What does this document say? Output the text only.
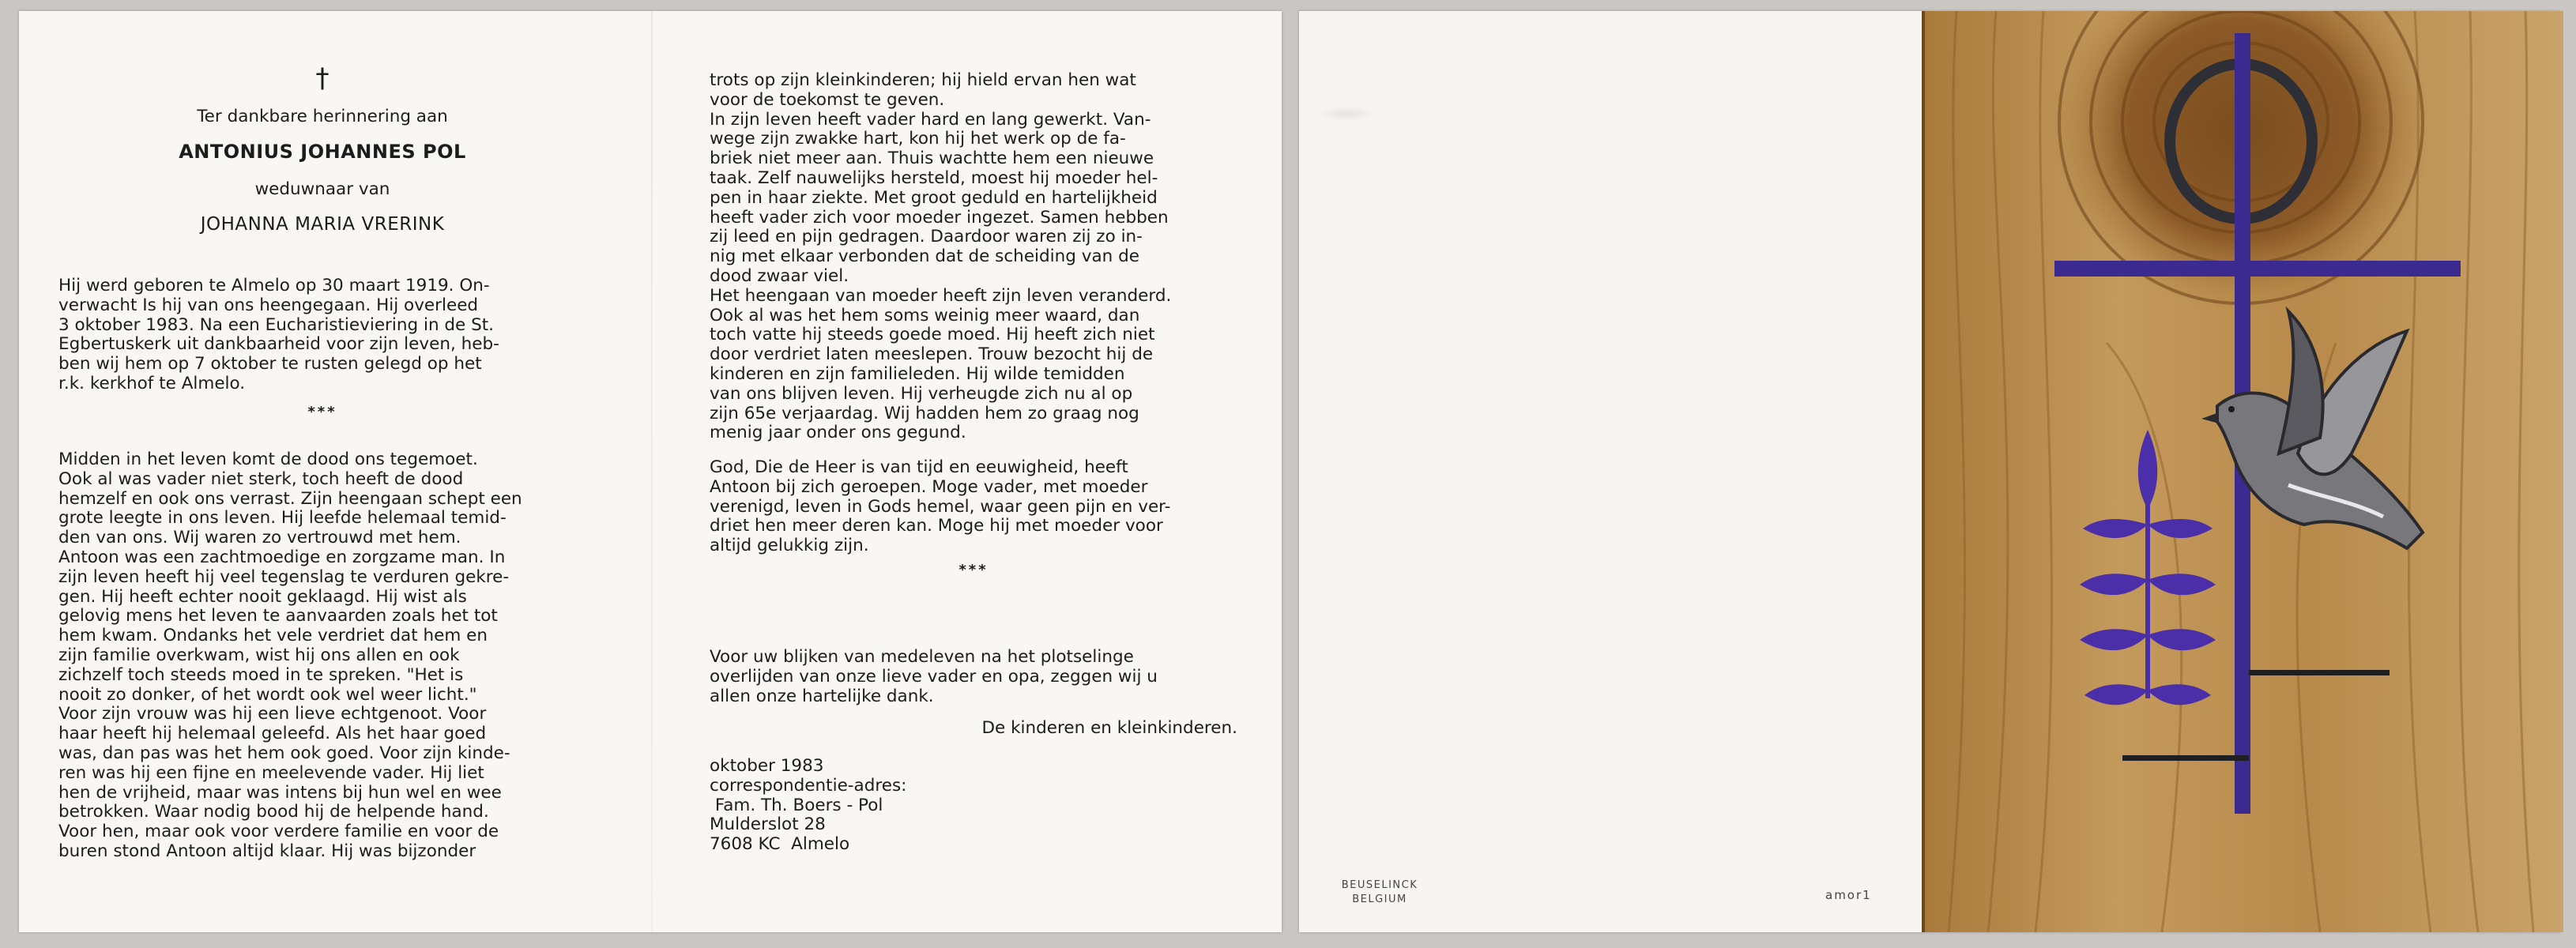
†
Ter dankbare herinnering aan
ANTONIUS JOHANNES POL
weduwnaar van
JOHANNA MARIA VRERINK

Hij werd geboren te Almelo op 30 maart 1919. On-

verwacht Is hij van ons heengegaan. Hij overleed

3 oktober 1983. Na een Eucharistieviering in de St.

Egbertuskerk uit dankbaarheid voor zijn leven, heb-

ben wij hem op 7 oktober te rusten gelegd op het

r.k. kerkhof te Almelo.

***

Midden in het leven komt de dood ons tegemoet.

Ook al was vader niet sterk, toch heeft de dood

hemzelf en ook ons verrast. Zijn heengaan schept een

grote leegte in ons leven. Hij leefde helemaal temid-

den van ons. Wij waren zo vertrouwd met hem.

Antoon was een zachtmoedige en zorgzame man. In

zijn leven heeft hij veel tegenslag te verduren gekre-

gen. Hij heeft echter nooit geklaagd. Hij wist als

gelovig mens het leven te aanvaarden zoals het tot

hem kwam. Ondanks het vele verdriet dat hem en

zijn familie overkwam, wist hij ons allen en ook

zichzelf toch steeds moed in te spreken. "Het is

nooit zo donker, of het wordt ook wel weer licht."

Voor zijn vrouw was hij een lieve echtgenoot. Voor

haar heeft hij helemaal geleefd. Als het haar goed

was, dan pas was het hem ook goed. Voor zijn kinde-

ren was hij een fijne en meelevende vader. Hij liet

hen de vrijheid, maar was intens bij hun wel en wee

betrokken. Waar nodig bood hij de helpende hand.

Voor hen, maar ook voor verdere familie en voor de

buren stond Antoon altijd klaar. Hij was bijzonder

trots op zijn kleinkinderen; hij hield ervan hen wat

voor de toekomst te geven.

In zijn leven heeft vader hard en lang gewerkt. Van-

wege zijn zwakke hart, kon hij het werk op de fa-

briek niet meer aan. Thuis wachtte hem een nieuwe

taak. Zelf nauwelijks hersteld, moest hij moeder hel-

pen in haar ziekte. Met groot geduld en hartelijkheid

heeft vader zich voor moeder ingezet. Samen hebben

zij leed en pijn gedragen. Daardoor waren zij zo in-

nig met elkaar verbonden dat de scheiding van de

dood zwaar viel.

Het heengaan van moeder heeft zijn leven veranderd.

Ook al was het hem soms weinig meer waard, dan

toch vatte hij steeds goede moed. Hij heeft zich niet

door verdriet laten meeslepen. Trouw bezocht hij de

kinderen en zijn familieleden. Hij wilde temidden

van ons blijven leven. Hij verheugde zich nu al op

zijn 65e verjaardag. Wij hadden hem zo graag nog

menig jaar onder ons gegund.

God, Die de Heer is van tijd en eeuwigheid, heeft

Antoon bij zich geroepen. Moge vader, met moeder

verenigd, leven in Gods hemel, waar geen pijn en ver-

driet hen meer deren kan. Moge hij met moeder voor

altijd gelukkig zijn.

***

Voor uw blijken van medeleven na het plotselinge

overlijden van onze lieve vader en opa, zeggen wij u

allen onze hartelijke dank.

De kinderen en kleinkinderen.

oktober 1983

correspondentie-adres:

Fam. Th. Boers - Pol

Mulderslot 28

7608 KC  Almelo

BEUSELINCK
BELGIUM	amor1
